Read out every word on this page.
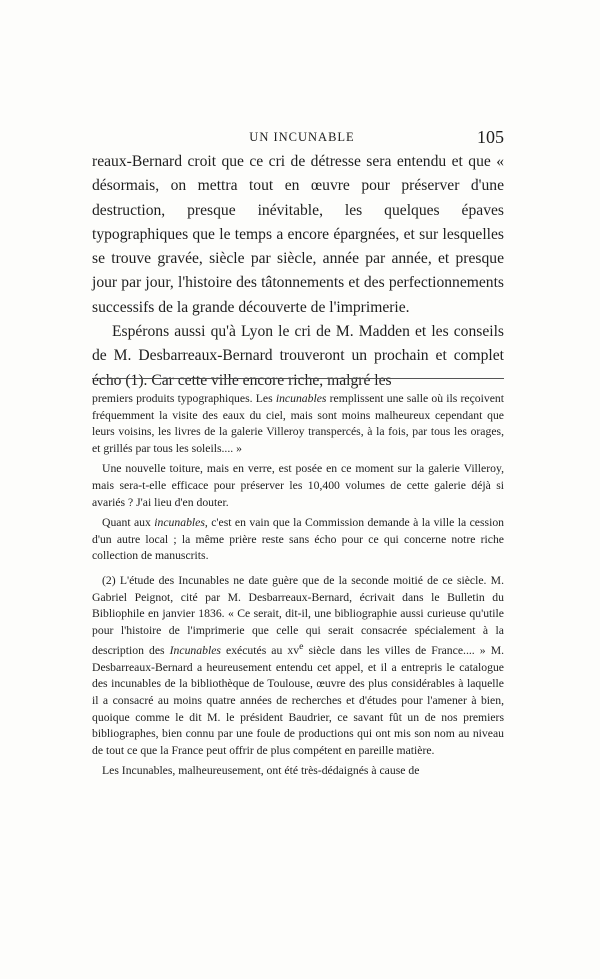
UN INCUNABLE	105

reaux-Bernard croit que ce cri de détresse sera entendu et que « désormais, on mettra tout en œuvre pour préserver d'une destruction, presque inévitable, les quelques épaves typographiques que le temps a encore épargnées, et sur lesquelles se trouve gravée, siècle par siècle, année par année, et presque jour par jour, l'histoire des tâtonnements et des perfectionnements successifs de la grande découverte de l'imprimerie.

Espérons aussi qu'à Lyon le cri de M. Madden et les conseils de M. Desbarreaux-Bernard trouveront un prochain et complet écho (1). Car cette ville encore riche, malgré les

premiers produits typographiques. Les incunables remplissent une salle où ils reçoivent fréquemment la visite des eaux du ciel, mais sont moins malheureux cependant que leurs voisins, les livres de la galerie Villeroy transpercés, à la fois, par tous les orages, et grillés par tous les soleils.... »

Une nouvelle toiture, mais en verre, est posée en ce moment sur la galerie Villeroy, mais sera-t-elle efficace pour préserver les 10,400 volumes de cette galerie déjà si avariés ? J'ai lieu d'en douter.

Quant aux incunables, c'est en vain que la Commission demande à la ville la cession d'un autre local ; la même prière reste sans écho pour ce qui concerne notre riche collection de manuscrits.

(2) L'étude des Incunables ne date guère que de la seconde moitié de ce siècle. M. Gabriel Peignot, cité par M. Desbarreaux-Bernard, écrivait dans le Bulletin du Bibliophile en janvier 1836. « Ce serait, dit-il, une bibliographie aussi curieuse qu'utile pour l'histoire de l'imprimerie que celle qui serait consacrée spécialement à la description des Incunables exécutés au $xv^e$ siècle dans les villes de France.... » M. Desbarreaux-Bernard a heureusement entendu cet appel, et il a entrepris le catalogue des incunables de la bibliothèque de Toulouse, œuvre des plus considérables à laquelle il a consacré au moins quatre années de recherches et d'études pour l'amener à bien, quoique comme le dit M. le président Baudrier, ce savant fût un de nos premiers bibliographes, bien connu par une foule de productions qui ont mis son nom au niveau de tout ce que la France peut offrir de plus compétent en pareille matière.

Les Incunables, malheureusement, ont été très-dédaignés à cause de
